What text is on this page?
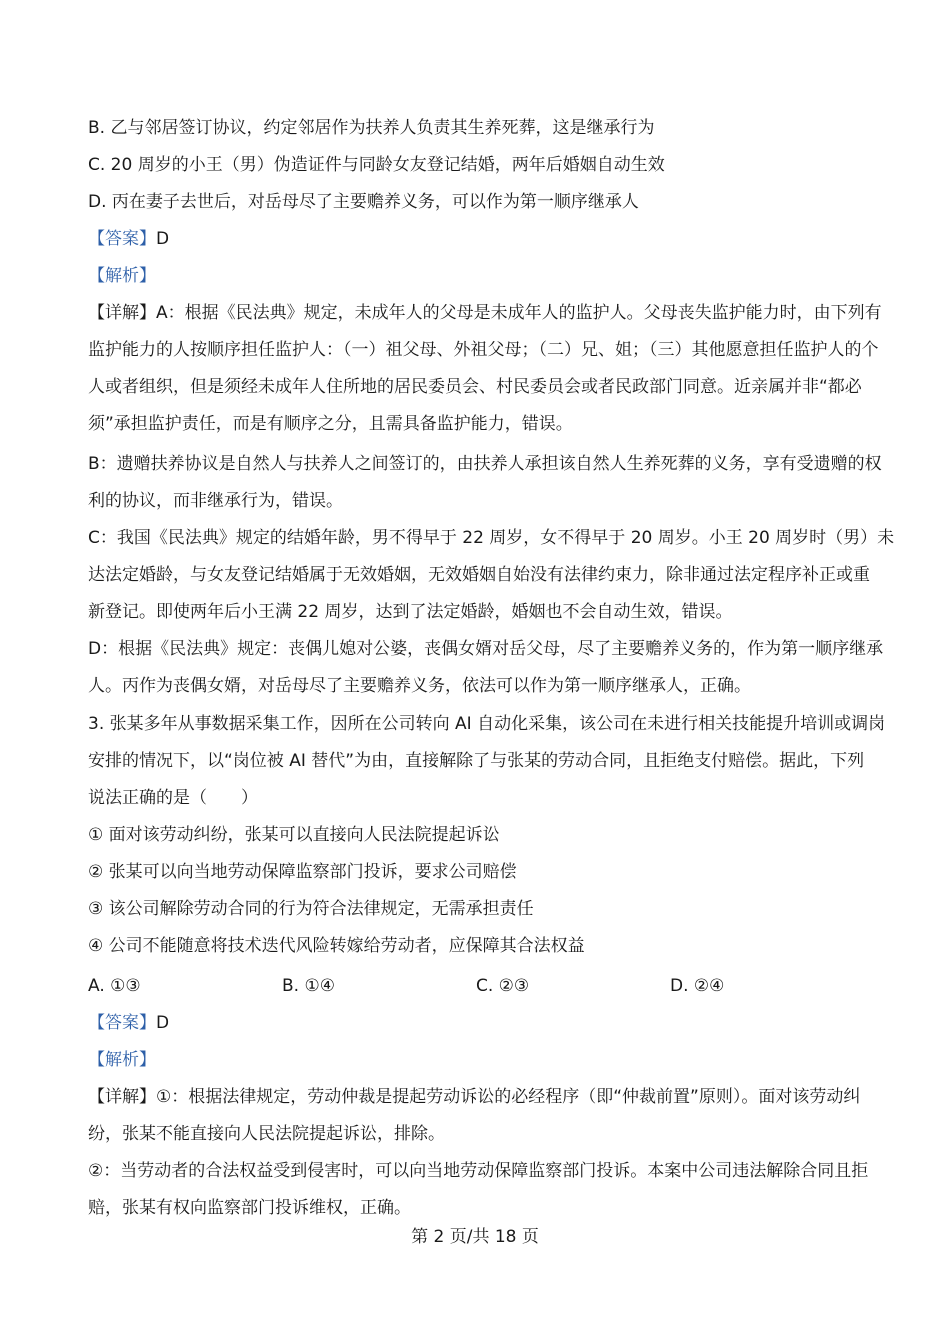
B. 乙与邻居签订协议，约定邻居作为扶养人负责其生养死葬，这是继承行为
C. 20 周岁的小王（男）伪造证件与同龄女友登记结婚，两年后婚姻自动生效
D. 丙在妻子去世后，对岳母尽了主要赡养义务，可以作为第一顺序继承人
【答案】D
【解析】
【详解】A：根据《民法典》规定，未成年人的父母是未成年人的监护人。父母丧失监护能力时，由下列有
监护能力的人按顺序担任监护人：（一）祖父母、外祖父母；（二）兄、姐；（三）其他愿意担任监护人的个
人或者组织，但是须经未成年人住所地的居民委员会、村民委员会或者民政部门同意。近亲属并非“都必
须”承担监护责任，而是有顺序之分，且需具备监护能力，错误。
B：遗赠扶养协议是自然人与扶养人之间签订的，由扶养人承担该自然人生养死葬的义务，享有受遗赠的权
利的协议，而非继承行为，错误。
C：我国《民法典》规定的结婚年龄，男不得早于 22 周岁，女不得早于 20 周岁。小王 20 周岁时（男）未
达法定婚龄，与女友登记结婚属于无效婚姻，无效婚姻自始没有法律约束力，除非通过法定程序补正或重
新登记。即使两年后小王满 22 周岁，达到了法定婚龄，婚姻也不会自动生效，错误。
D：根据《民法典》规定：丧偶儿媳对公婆，丧偶女婿对岳父母，尽了主要赡养义务的，作为第一顺序继承
人。丙作为丧偶女婿，对岳母尽了主要赡养义务，依法可以作为第一顺序继承人，正确。
3. 张某多年从事数据采集工作，因所在公司转向 AI 自动化采集，该公司在未进行相关技能提升培训或调岗
安排的情况下，以“岗位被 AI 替代”为由，直接解除了与张某的劳动合同，且拒绝支付赔偿。据此，下列
说法正确的是（　　）
① 面对该劳动纠纷，张某可以直接向人民法院提起诉讼
② 张某可以向当地劳动保障监察部门投诉，要求公司赔偿
③ 该公司解除劳动合同的行为符合法律规定，无需承担责任
④ 公司不能随意将技术迭代风险转嫁给劳动者，应保障其合法权益
A. ①③	B. ①④	C. ②③	D. ②④
【答案】D
【解析】
【详解】①：根据法律规定，劳动仲裁是提起劳动诉讼的必经程序（即“仲裁前置”原则）。面对该劳动纠
纷，张某不能直接向人民法院提起诉讼，排除。
②：当劳动者的合法权益受到侵害时，可以向当地劳动保障监察部门投诉。本案中公司违法解除合同且拒
赔，张某有权向监察部门投诉维权，正确。
第 2 页/共 18 页
